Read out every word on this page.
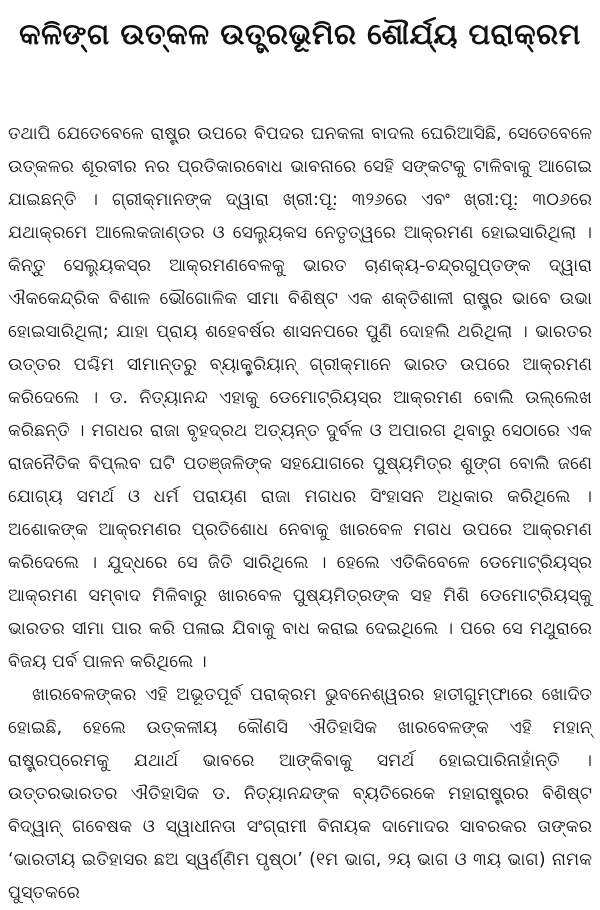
କଳିଙ୍ଗ ଉତ୍କଳ ଉତ୍ତ୍ରଭୂମିର ଶୌର୍ଯ୍ୟ ପରାକ୍ରମ

ତଥାପି ଯେତେବେଳେ ରାଷ୍ଟ୍ର ଉପରେ ବିପଦର ଘନକଳା ବାଦଲ ଘେରିଆସିଛି, ସେତେବେଳେ ଉତ୍କଳର ଶୂରବୀର ନର ପ୍ରତିକାରବୋଧ ଭାବନାରେ ସେହି ସଙ୍କଟକୁ ଟାଳିବାକୁ ଆଗେଇ ଯାଇଛନ୍ତି । ଗ୍ରୀକ୍‌ମାନଙ୍କ ଦ୍ୱାରା ଖ୍ରୀ:ପୂ: ୩୨୬ରେ ଏବଂ ଖ୍ରୀ:ପୂ: ୩୦୬ରେ ଯଥାକ୍ରମେ ଆଲେକଜାଣ୍ଡର ଓ ସେଲ୍ୟୁକସ ନେତୃତ୍ୱରେ ଆକ୍ରମଣ ହୋଇସାରିଥିଲା । କିନ୍ତୁ ସେଲ୍ୟୁକସ୍‌ର ଆକ୍ରମଣବେଳକୁ ଭାରତ ଚାଣକ୍ୟ-ଚନ୍ଦ୍ରଗୁପ୍ତଙ୍କ ଦ୍ୱାରା ଐକକେନ୍ଦ୍ରିକ ବିଶାଳ ଭୌଗୋଳିକ ସୀମା ବିଶିଷ୍ଟ ଏକ ଶକ୍ତିଶାଳୀ ରାଷ୍ଟ୍ର ଭାବେ ଉଭା ହୋଇସାରିଥିଲା; ଯାହା ପ୍ରାୟ ଶହେବର୍ଷର ଶାସନପରେ ପୁଣି ଦୋହଲି ଥରିଥିଲା । ଭାରତର ଉତ୍ତର ପଶ୍ଚିମ ସୀମାନ୍ତରୁ ବ୍ୟାକ୍ଟ୍ରିୟାନ୍ ଗ୍ରୀକ୍‌ମାନେ ଭାରତ ଉପରେ ଆକ୍ରମଣ କରିଦେଲେ । ଡ. ନିତ୍ୟାନନ୍ଦ ଏହାକୁ ଡେମୋଟ୍ରିୟସ୍‌ର ଆକ୍ରମଣ ବୋଲି ଉଲ୍ଲେଖ କରିଛନ୍ତି । ମଗଧର ରାଜା ବୃହଦ୍ରଥ ଅତ୍ୟନ୍ତ ଦୁର୍ବଳ ଓ ଅପାରଗ ଥିବାରୁ ସେଠାରେ ଏକ ରାଜନୈତିକ ବିପ୍ଲବ ଘଟି ପତଞ୍ଜଳିଙ୍କ ସହଯୋଗରେ ପୁଷ୍ୟମିତ୍ର ଶୁଙ୍ଗ ବୋଲି ଜଣେ ଯୋଗ୍ୟ ସମର୍ଥ ଓ ଧର୍ମ ପରାୟଣ ରାଜା ମଗଧର ସିଂହାସନ ଅଧିକାର କରିଥିଲେ । ଅଶୋକଙ୍କ ଆକ୍ରମଣର ପ୍ରତିଶୋଧ ନେବାକୁ ଖାରବେଳ ମଗଧ ଉପରେ ଆକ୍ରମଣ କରିଦେଲେ । ଯୁଦ୍ଧରେ ସେ ଜିତି ସାରିଥିଲେ । ହେଲେ ଏତିକିବେଳେ ଡେମୋଟ୍ରିୟସ୍‌ର ଆକ୍ରମଣ ସମ୍ବାଦ ମିଳିବାରୁ ଖାରବେଳ ପୁଷ୍ୟମିତ୍ରଙ୍କ ସହ ମିଶି ଡେମୋଟ୍ରିୟସ୍‌କୁ ଭାରତର ସୀମା ପାର କରି ପଳାଇ ଯିବାକୁ ବାଧ କରାଇ ଦେଇଥିଲେ । ପରେ ସେ ମଥୁରାରେ ବିଜୟ ପର୍ବ ପାଳନ କରିଥିଲେ ।

ଖାରବେଳଙ୍କର ଏହି ଅଭୂତପୂର୍ବ ପରାକ୍ରମ ଭୁବନେଶ୍ୱରର ହାତୀଗୁମ୍ଫାରେ ଖୋଦିତ ହୋଇଛି, ହେଲେ ଉତ୍କଳୀୟ କୌଣସି ଐତିହାସିକ ଖାରବେଳଙ୍କ ଏହି ମହାନ୍ ରାଷ୍ଟ୍ରପ୍ରେମକୁ ଯଥାର୍ଥ ଭାବରେ ଆଙ୍କିବାକୁ ସମର୍ଥ ହୋଇପାରିନାହାଁନ୍ତି । ଉତ୍ତରଭାରତର ଐତିହାସିକ ଡ. ନିତ୍ୟାନନ୍ଦଙ୍କ ବ୍ୟତିରେକେ ମହାରାଷ୍ଟ୍ରର ବିଶିଷ୍ଟ ବିଦ୍ୱାନ୍ ଗବେଷକ ଓ ସ୍ୱାଧୀନତା ସଂଗ୍ରାମୀ ବିନାୟକ ଦାମୋଦର ସାବରକର ତାଙ୍କର ‘ଭାରତୀୟ ଇତିହାସର ଛଅ ସ୍ୱର୍ଣ୍ଣିମ ପୃଷ୍ଠା’ (୧ମ ଭାଗ, ୨ୟ ଭାଗ ଓ ୩ୟ ଭାଗ) ନାମକ ପୁସ୍ତକରେ
